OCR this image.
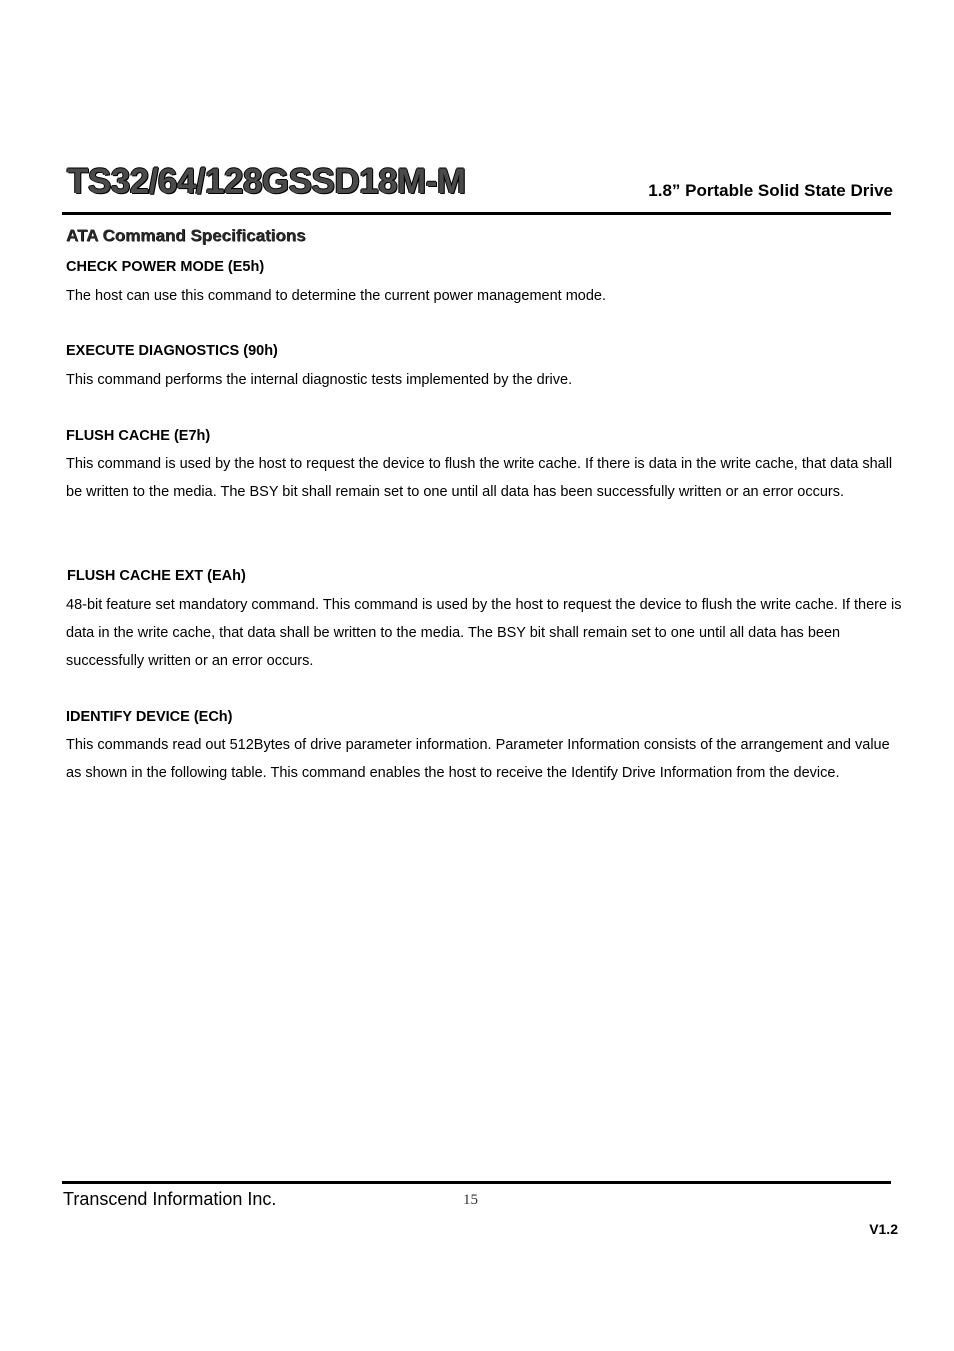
TS32/64/128GSSD18M-M	1.8” Portable Solid State Drive
ATA Command Specifications
CHECK POWER MODE (E5h)

The host can use this command to determine the current power management mode.

EXECUTE DIAGNOSTICS (90h)

This command performs the internal diagnostic tests implemented by the drive.

FLUSH CACHE (E7h)

This command is used by the host to request the device to flush the write cache. If there is data in the write cache, that data shall be written to the media. The BSY bit shall remain set to one until all data has been successfully written or an error occurs.

FLUSH CACHE EXT (EAh)

48-bit feature set mandatory command. This command is used by the host to request the device to flush the write cache. If there is data in the write cache, that data shall be written to the media. The BSY bit shall remain set to one until all data has been successfully written or an error occurs.

IDENTIFY DEVICE (ECh)

This commands read out 512Bytes of drive parameter information. Parameter Information consists of the arrangement and value as shown in the following table. This command enables the host to receive the Identify Drive Information from the device.

Transcend Information Inc.	15
V1.2
